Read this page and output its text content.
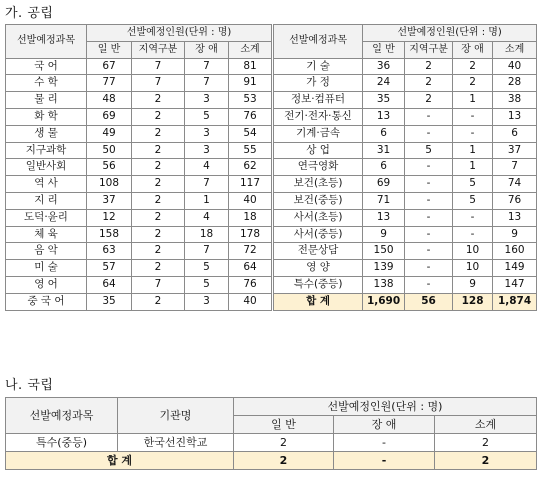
가. 공립
선발예정과목	선발예정인원(단위 : 명)				선발예정과목	선발예정인원(단위 : 명)			
	일 반	지역구분	장 애	소계		일 반	지역구분	장 애	소계
국 어	67	7	7	81	기 술	36	2	2	40
수 학	77	7	7	91	가 정	24	2	2	28
물 리	48	2	3	53	정보·컴퓨터	35	2	1	38
화 학	69	2	5	76	전기·전자·통신	13	-	-	13
생 물	49	2	3	54	기계·금속	6	-	-	6
지구과학	50	2	3	55	상 업	31	5	1	37
일반사회	56	2	4	62	연극영화	6	-	1	7
역 사	108	2	7	117	보건(초등)	69	-	5	74
지 리	37	2	1	40	보건(중등)	71	-	5	76
도덕·윤리	12	2	4	18	사서(초등)	13	-	-	13
체 육	158	2	18	178	사서(중등)	9	-	-	9
음 악	63	2	7	72	전문상담	150	-	10	160
미 술	57	2	5	64	영 양	139	-	10	149
영 어	64	7	5	76	특수(중등)	138	-	9	147
중 국 어	35	2	3	40	합 계	1,690	56	128	1,874
나. 국립
선발예정과목	기관명	선발예정인원(단위 : 명)		
		일 반	장 애	소계
특수(중등)	한국선진학교	2	-	2
합 계		2	-	2
